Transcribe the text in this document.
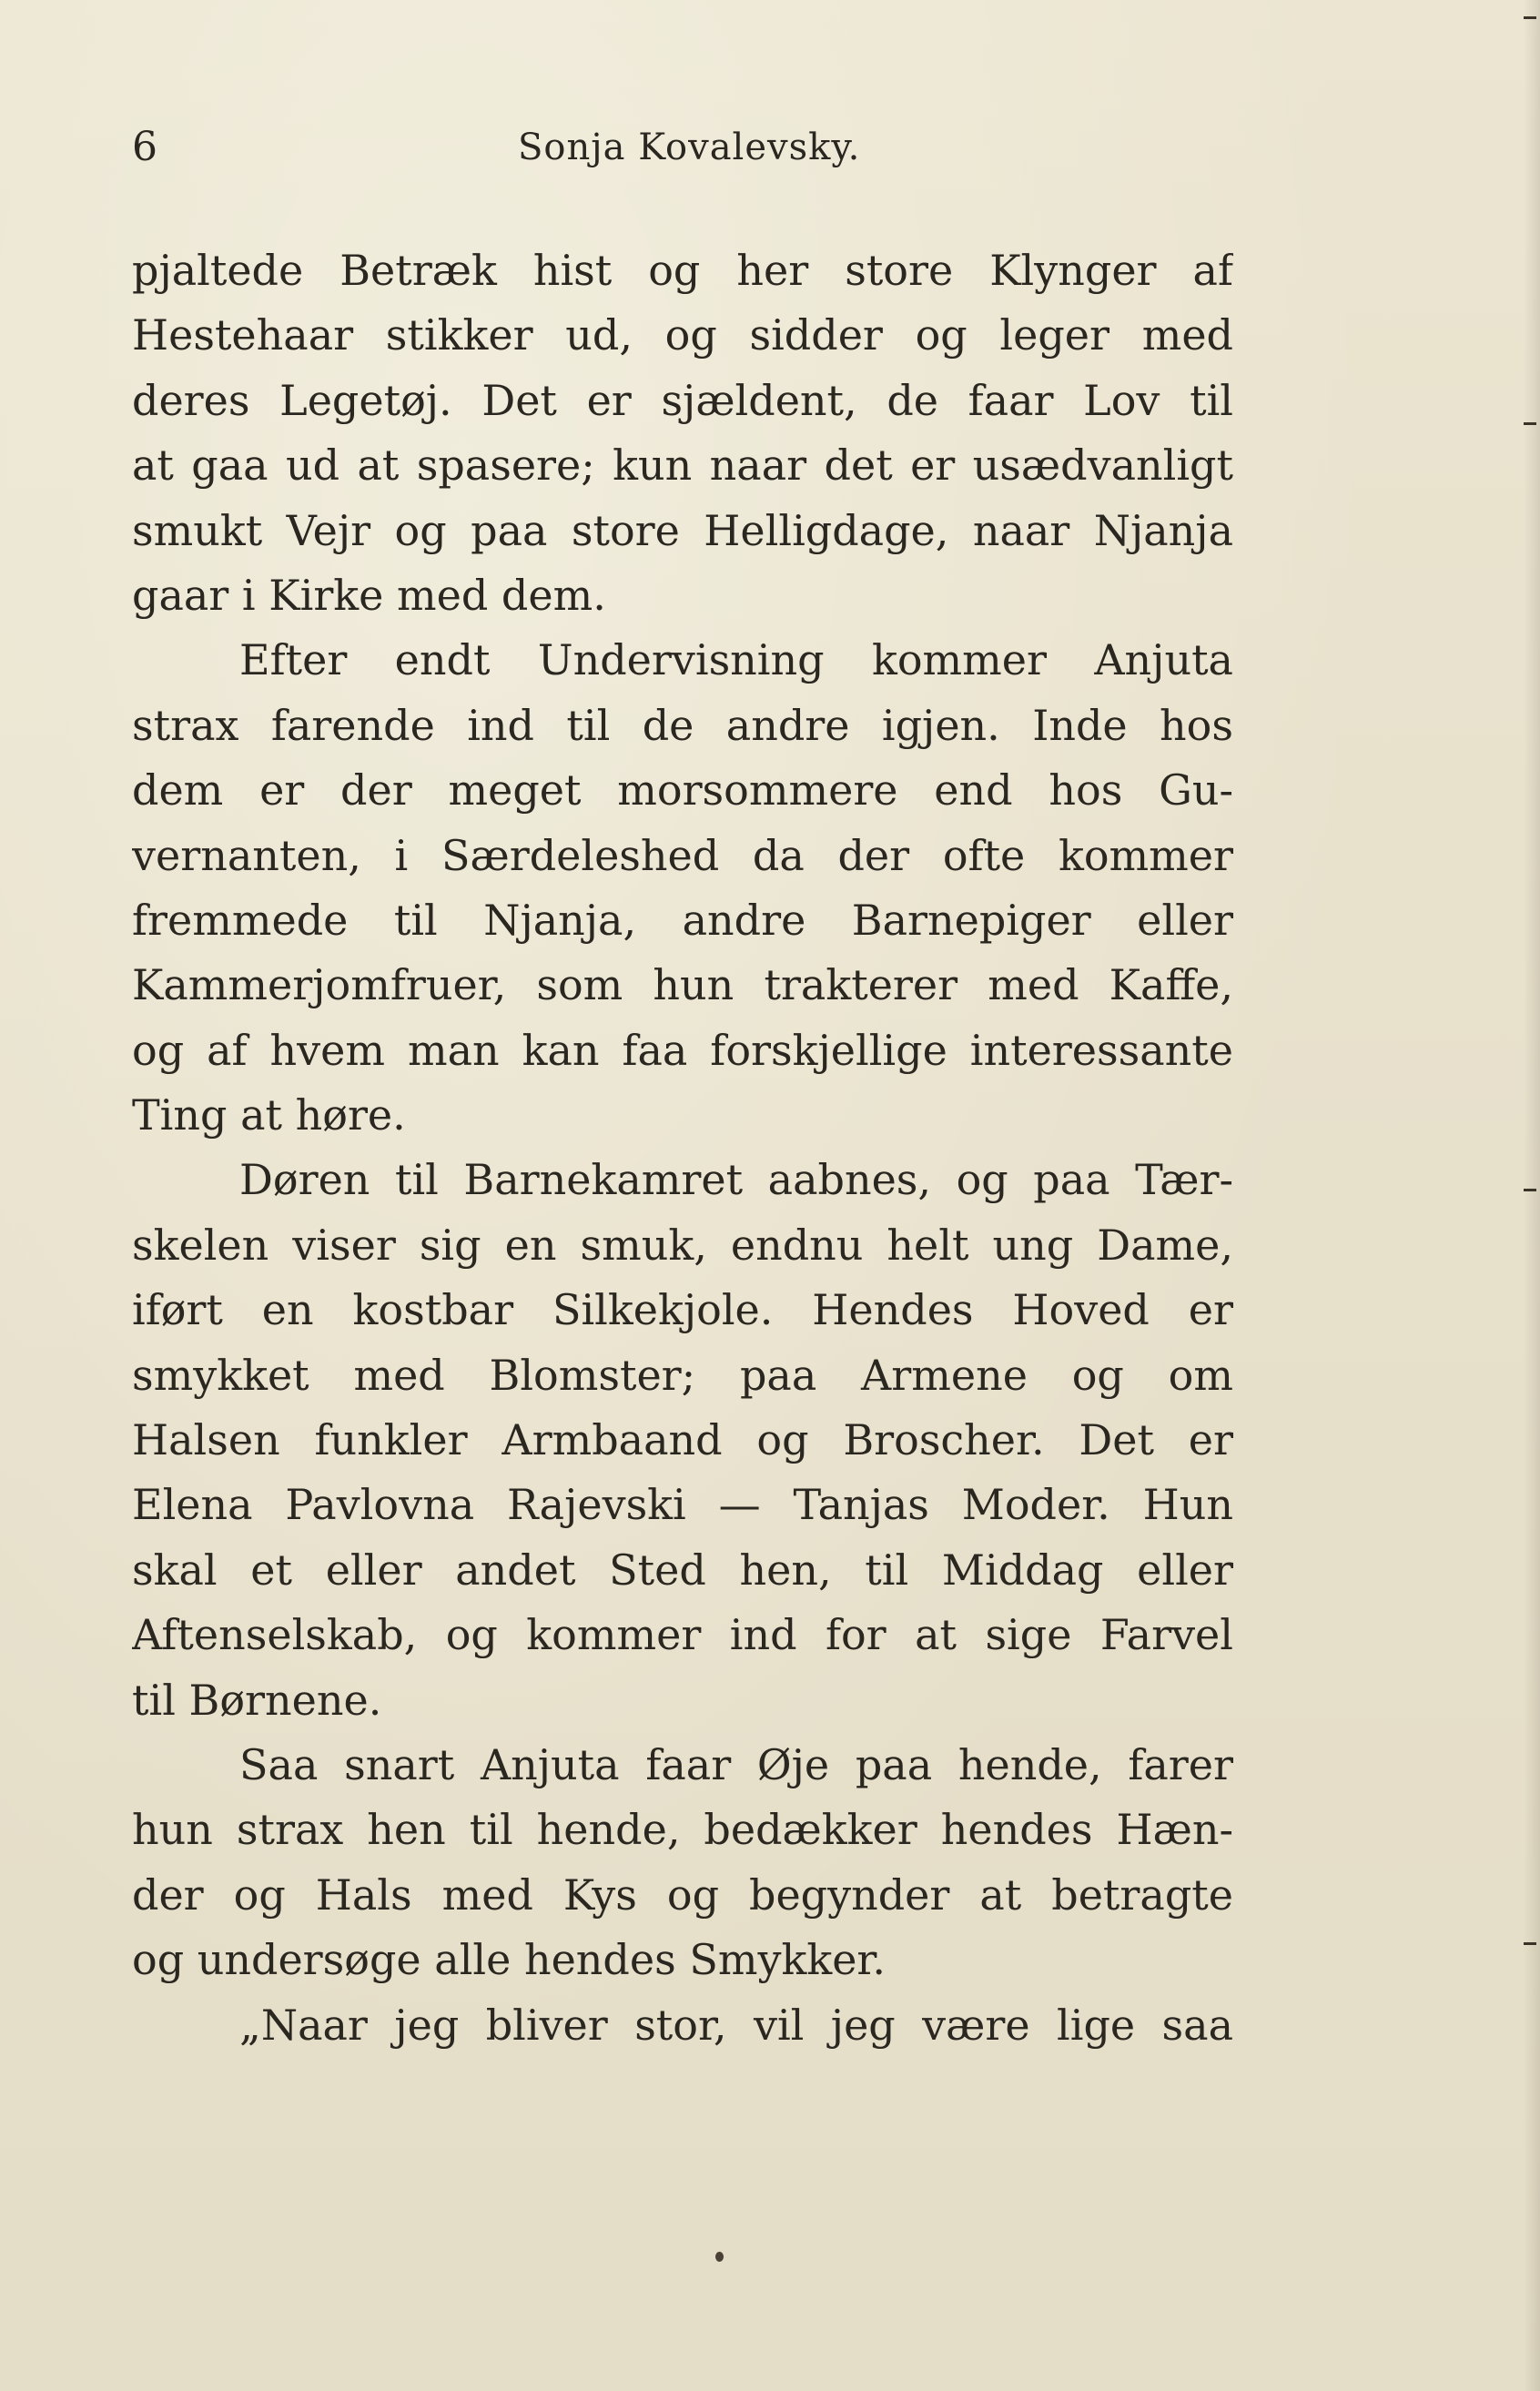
6	Sonja Kovalevsky.
pjaltede Betræk hist og her store Klynger af
Hestehaar stikker ud, og sidder og leger med
deres Legetøj. Det er sjældent, de faar Lov til
at gaa ud at spasere; kun naar det er usædvanligt
smukt Vejr og paa store Helligdage, naar Njanja
gaar i Kirke med dem.
Efter endt Undervisning kommer Anjuta
strax farende ind til de andre igjen. Inde hos
dem er der meget morsommere end hos Gu-
vernanten, i Særdeleshed da der ofte kommer
fremmede til Njanja, andre Barnepiger eller
Kammerjomfruer, som hun trakterer med Kaffe,
og af hvem man kan faa forskjellige interessante
Ting at høre.
Døren til Barnekamret aabnes, og paa Tær-
skelen viser sig en smuk, endnu helt ung Dame,
iført en kostbar Silkekjole. Hendes Hoved er
smykket med Blomster; paa Armene og om
Halsen funkler Armbaand og Broscher. Det er
Elena Pavlovna Rajevski — Tanjas Moder. Hun
skal et eller andet Sted hen, til Middag eller
Aftenselskab, og kommer ind for at sige Farvel
til Børnene.
Saa snart Anjuta faar Øje paa hende, farer
hun strax hen til hende, bedækker hendes Hæn-
der og Hals med Kys og begynder at betragte
og undersøge alle hendes Smykker.
„Naar jeg bliver stor, vil jeg være lige saa
